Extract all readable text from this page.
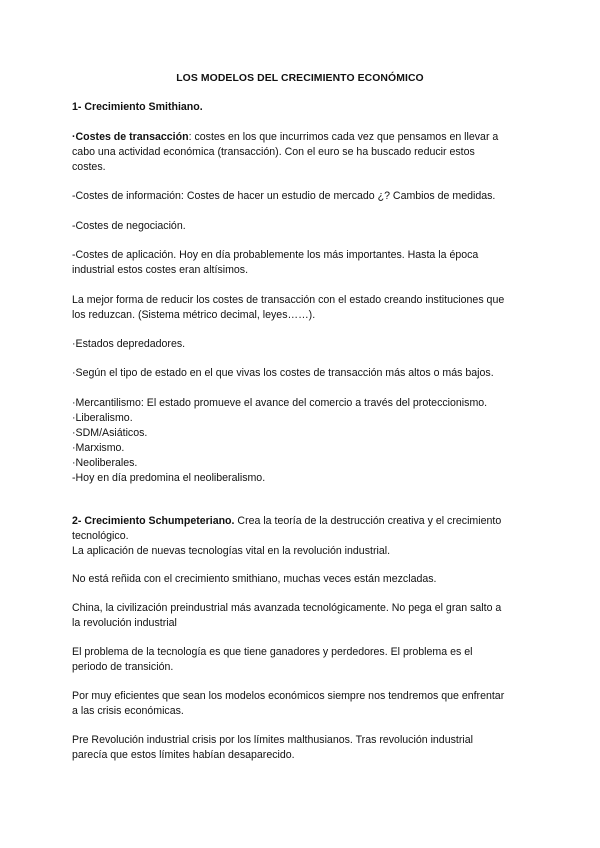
LOS MODELOS DEL CRECIMIENTO ECONÓMICO

1- Crecimiento Smithiano.

·Costes de transacción: costes en los que incurrimos cada vez que pensamos en llevar a
cabo una actividad económica (transacción). Con el euro se ha buscado reducir estos
costes.

-Costes de información: Costes de hacer un estudio de mercado ¿? Cambios de medidas.

-Costes de negociación.

-Costes de aplicación. Hoy en día probablemente los más importantes. Hasta la época
industrial estos costes eran altísimos.

La mejor forma de reducir los costes de transacción con el estado creando instituciones que
los reduzcan. (Sistema métrico decimal, leyes……).

·Estados depredadores.

·Según el tipo de estado en el que vivas los costes de transacción más altos o más bajos.

·Mercantilismo: El estado promueve el avance del comercio a través del proteccionismo.
·Liberalismo.
·SDM/Asiáticos.
·Marxismo.
·Neoliberales.
-Hoy en día predomina el neoliberalismo.

2- Crecimiento Schumpeteriano. Crea la teoría de la destrucción creativa y el crecimiento
tecnológico.
La aplicación de nuevas tecnologías vital en la revolución industrial.

No está reñida con el crecimiento smithiano, muchas veces están mezcladas.

China, la civilización preindustrial más avanzada tecnológicamente. No pega el gran salto a
la revolución industrial

El problema de la tecnología es que tiene ganadores y perdedores. El problema es el
periodo de transición.

Por muy eficientes que sean los modelos económicos siempre nos tendremos que enfrentar
a las crisis económicas.

Pre Revolución industrial crisis por los límites malthusianos. Tras revolución industrial
parecía que estos límites habían desaparecido.
